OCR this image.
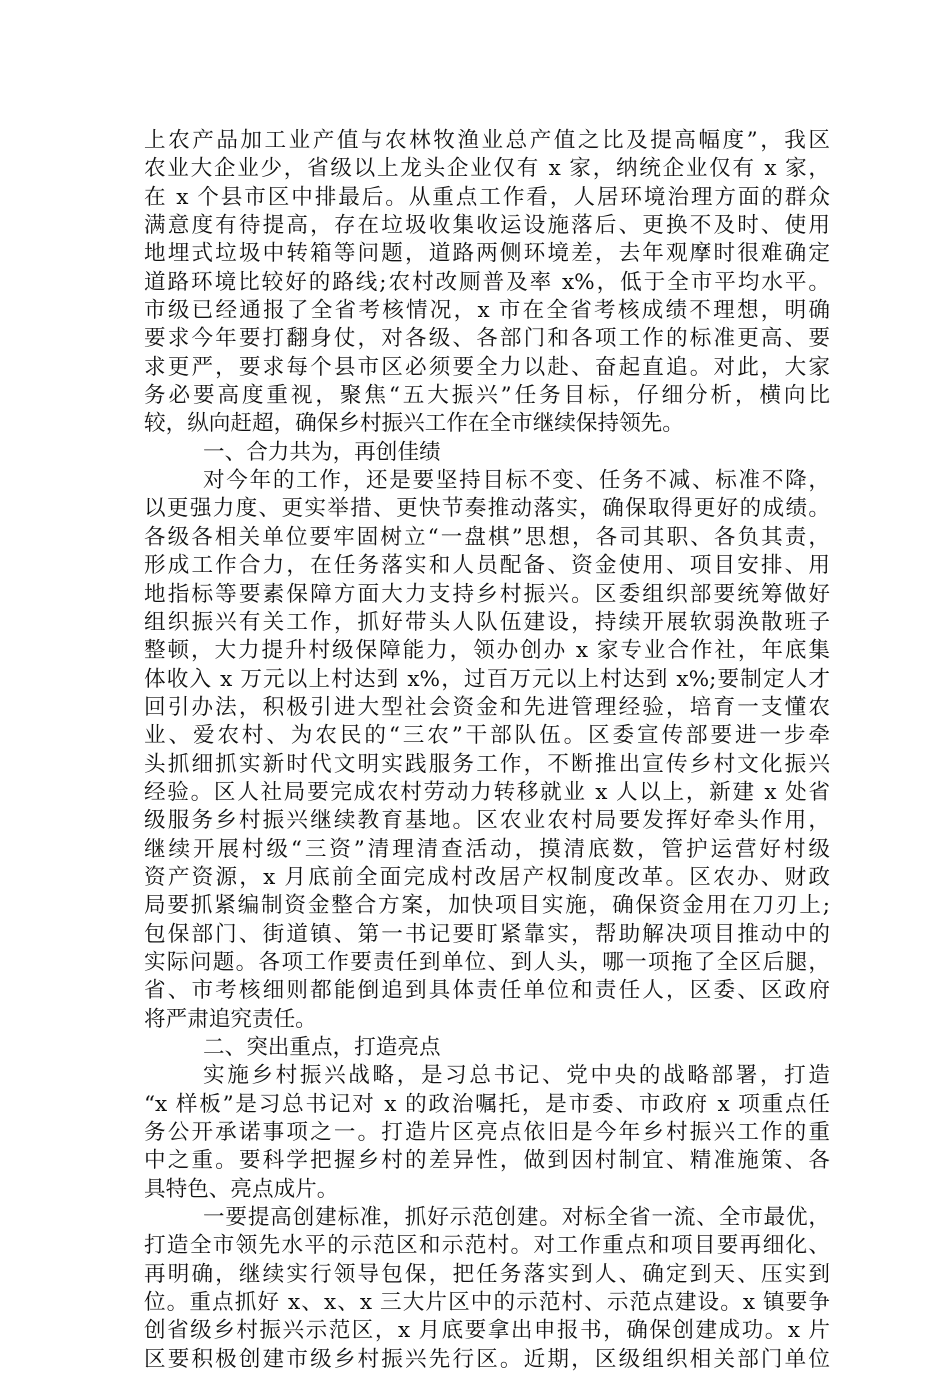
上农产品加工业产值与农林牧渔业总产值之比及提高幅度”，我区
农业大企业少，省级以上龙头企业仅有 x 家，纳统企业仅有 x 家，
在 x 个县市区中排最后。从重点工作看，人居环境治理方面的群众
满意度有待提高，存在垃圾收集收运设施落后、更换不及时、使用
地埋式垃圾中转箱等问题，道路两侧环境差，去年观摩时很难确定
道路环境比较好的路线;农村改厕普及率 x%，低于全市平均水平。
市级已经通报了全省考核情况，x 市在全省考核成绩不理想，明确
要求今年要打翻身仗，对各级、各部门和各项工作的标准更高、要
求更严，要求每个县市区必须要全力以赴、奋起直追。对此，大家
务必要高度重视，聚焦“五大振兴”任务目标，仔细分析，横向比
较，纵向赶超，确保乡村振兴工作在全市继续保持领先。
一、合力共为，再创佳绩
对今年的工作，还是要坚持目标不变、任务不减、标准不降，
以更强力度、更实举措、更快节奏推动落实，确保取得更好的成绩。
各级各相关单位要牢固树立“一盘棋”思想，各司其职、各负其责，
形成工作合力，在任务落实和人员配备、资金使用、项目安排、用
地指标等要素保障方面大力支持乡村振兴。区委组织部要统筹做好
组织振兴有关工作，抓好带头人队伍建设，持续开展软弱涣散班子
整顿，大力提升村级保障能力，领办创办 x 家专业合作社，年底集
体收入 x 万元以上村达到 x%，过百万元以上村达到 x%;要制定人才
回引办法，积极引进大型社会资金和先进管理经验，培育一支懂农
业、爱农村、为农民的“三农”干部队伍。区委宣传部要进一步牵
头抓细抓实新时代文明实践服务工作，不断推出宣传乡村文化振兴
经验。区人社局要完成农村劳动力转移就业 x 人以上，新建 x 处省
级服务乡村振兴继续教育基地。区农业农村局要发挥好牵头作用，
继续开展村级“三资”清理清查活动，摸清底数，管护运营好村级
资产资源，x 月底前全面完成村改居产权制度改革。区农办、财政
局要抓紧编制资金整合方案，加快项目实施，确保资金用在刀刃上;
包保部门、街道镇、第一书记要盯紧靠实，帮助解决项目推动中的
实际问题。各项工作要责任到单位、到人头，哪一项拖了全区后腿，
省、市考核细则都能倒追到具体责任单位和责任人，区委、区政府
将严肃追究责任。
二、突出重点，打造亮点
实施乡村振兴战略，是习总书记、党中央的战略部署，打造
“x 样板”是习总书记对 x 的政治嘱托，是市委、市政府 x 项重点任
务公开承诺事项之一。打造片区亮点依旧是今年乡村振兴工作的重
中之重。要科学把握乡村的差异性，做到因村制宜、精准施策、各
具特色、亮点成片。
一要提高创建标准，抓好示范创建。对标全省一流、全市最优，
打造全市领先水平的示范区和示范村。对工作重点和项目要再细化、
再明确，继续实行领导包保，把任务落实到人、确定到天、压实到
位。重点抓好 x、x、x 三大片区中的示范村、示范点建设。x 镇要争
创省级乡村振兴示范区，x 月底要拿出申报书，确保创建成功。x 片
区要积极创建市级乡村振兴先行区。近期，区级组织相关部门单位
